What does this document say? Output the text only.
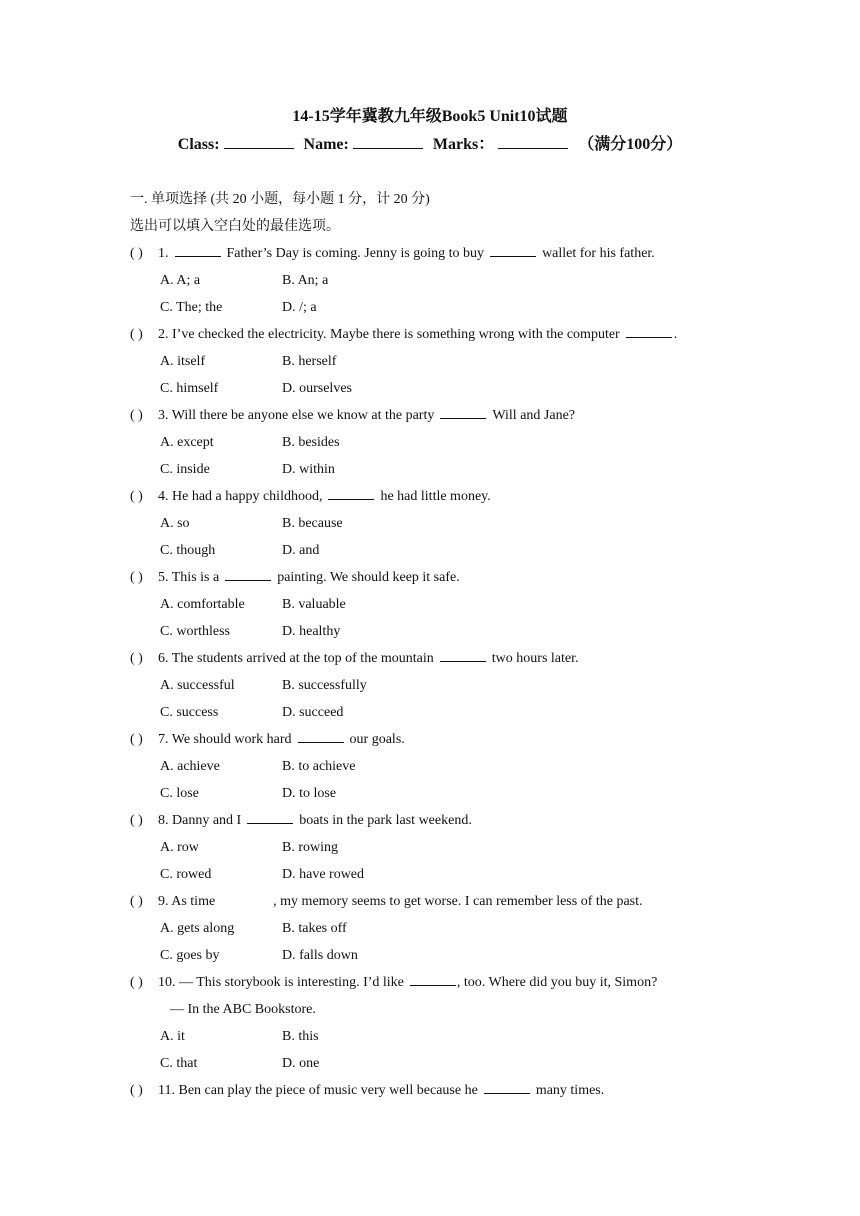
14-15学年冀教九年级Book5 Unit10试题
Class:	Name:	Marks：	（满分100分）
一. 单项选择 (共 20 小题，每小题 1 分，计 20 分)
选出可以填入空白处的最佳选项。
( ) 1.	Father’s Day is coming. Jenny is going to buy	wallet for his father.
A. A; a	B. An; a
C. The; the	D. /; a
( ) 2. I’ve checked the electricity. Maybe there is something wrong with the computer	.
A. itself	B. herself
C. himself	D. ourselves
( ) 3. Will there be anyone else we know at the party	Will and Jane?
A. except	B. besides
C. inside	D. within
( ) 4. He had a happy childhood,	he had little money.
A. so	B. because
C. though	D. and
( ) 5. This is a	painting. We should keep it safe.
A. comfortable	B. valuable
C. worthless	D. healthy
( ) 6. The students arrived at the top of the mountain	two hours later.
A. successful	B. successfully
C. success	D. succeed
( ) 7. We should work hard	our goals.
A. achieve	B. to achieve
C. lose	D. to lose
( ) 8. Danny and I	boats in the park last weekend.
A. row	B. rowing
C. rowed	D. have rowed
( ) 9. As time	, my memory seems to get worse. I can remember less of the past.
A. gets along	B. takes off
C. goes by	D. falls down
( ) 10. — This storybook is interesting. I’d like	, too. Where did you buy it, Simon?
— In the ABC Bookstore.
A. it	B. this
C. that	D. one
( ) 11. Ben can play the piece of music very well because he	many times.
